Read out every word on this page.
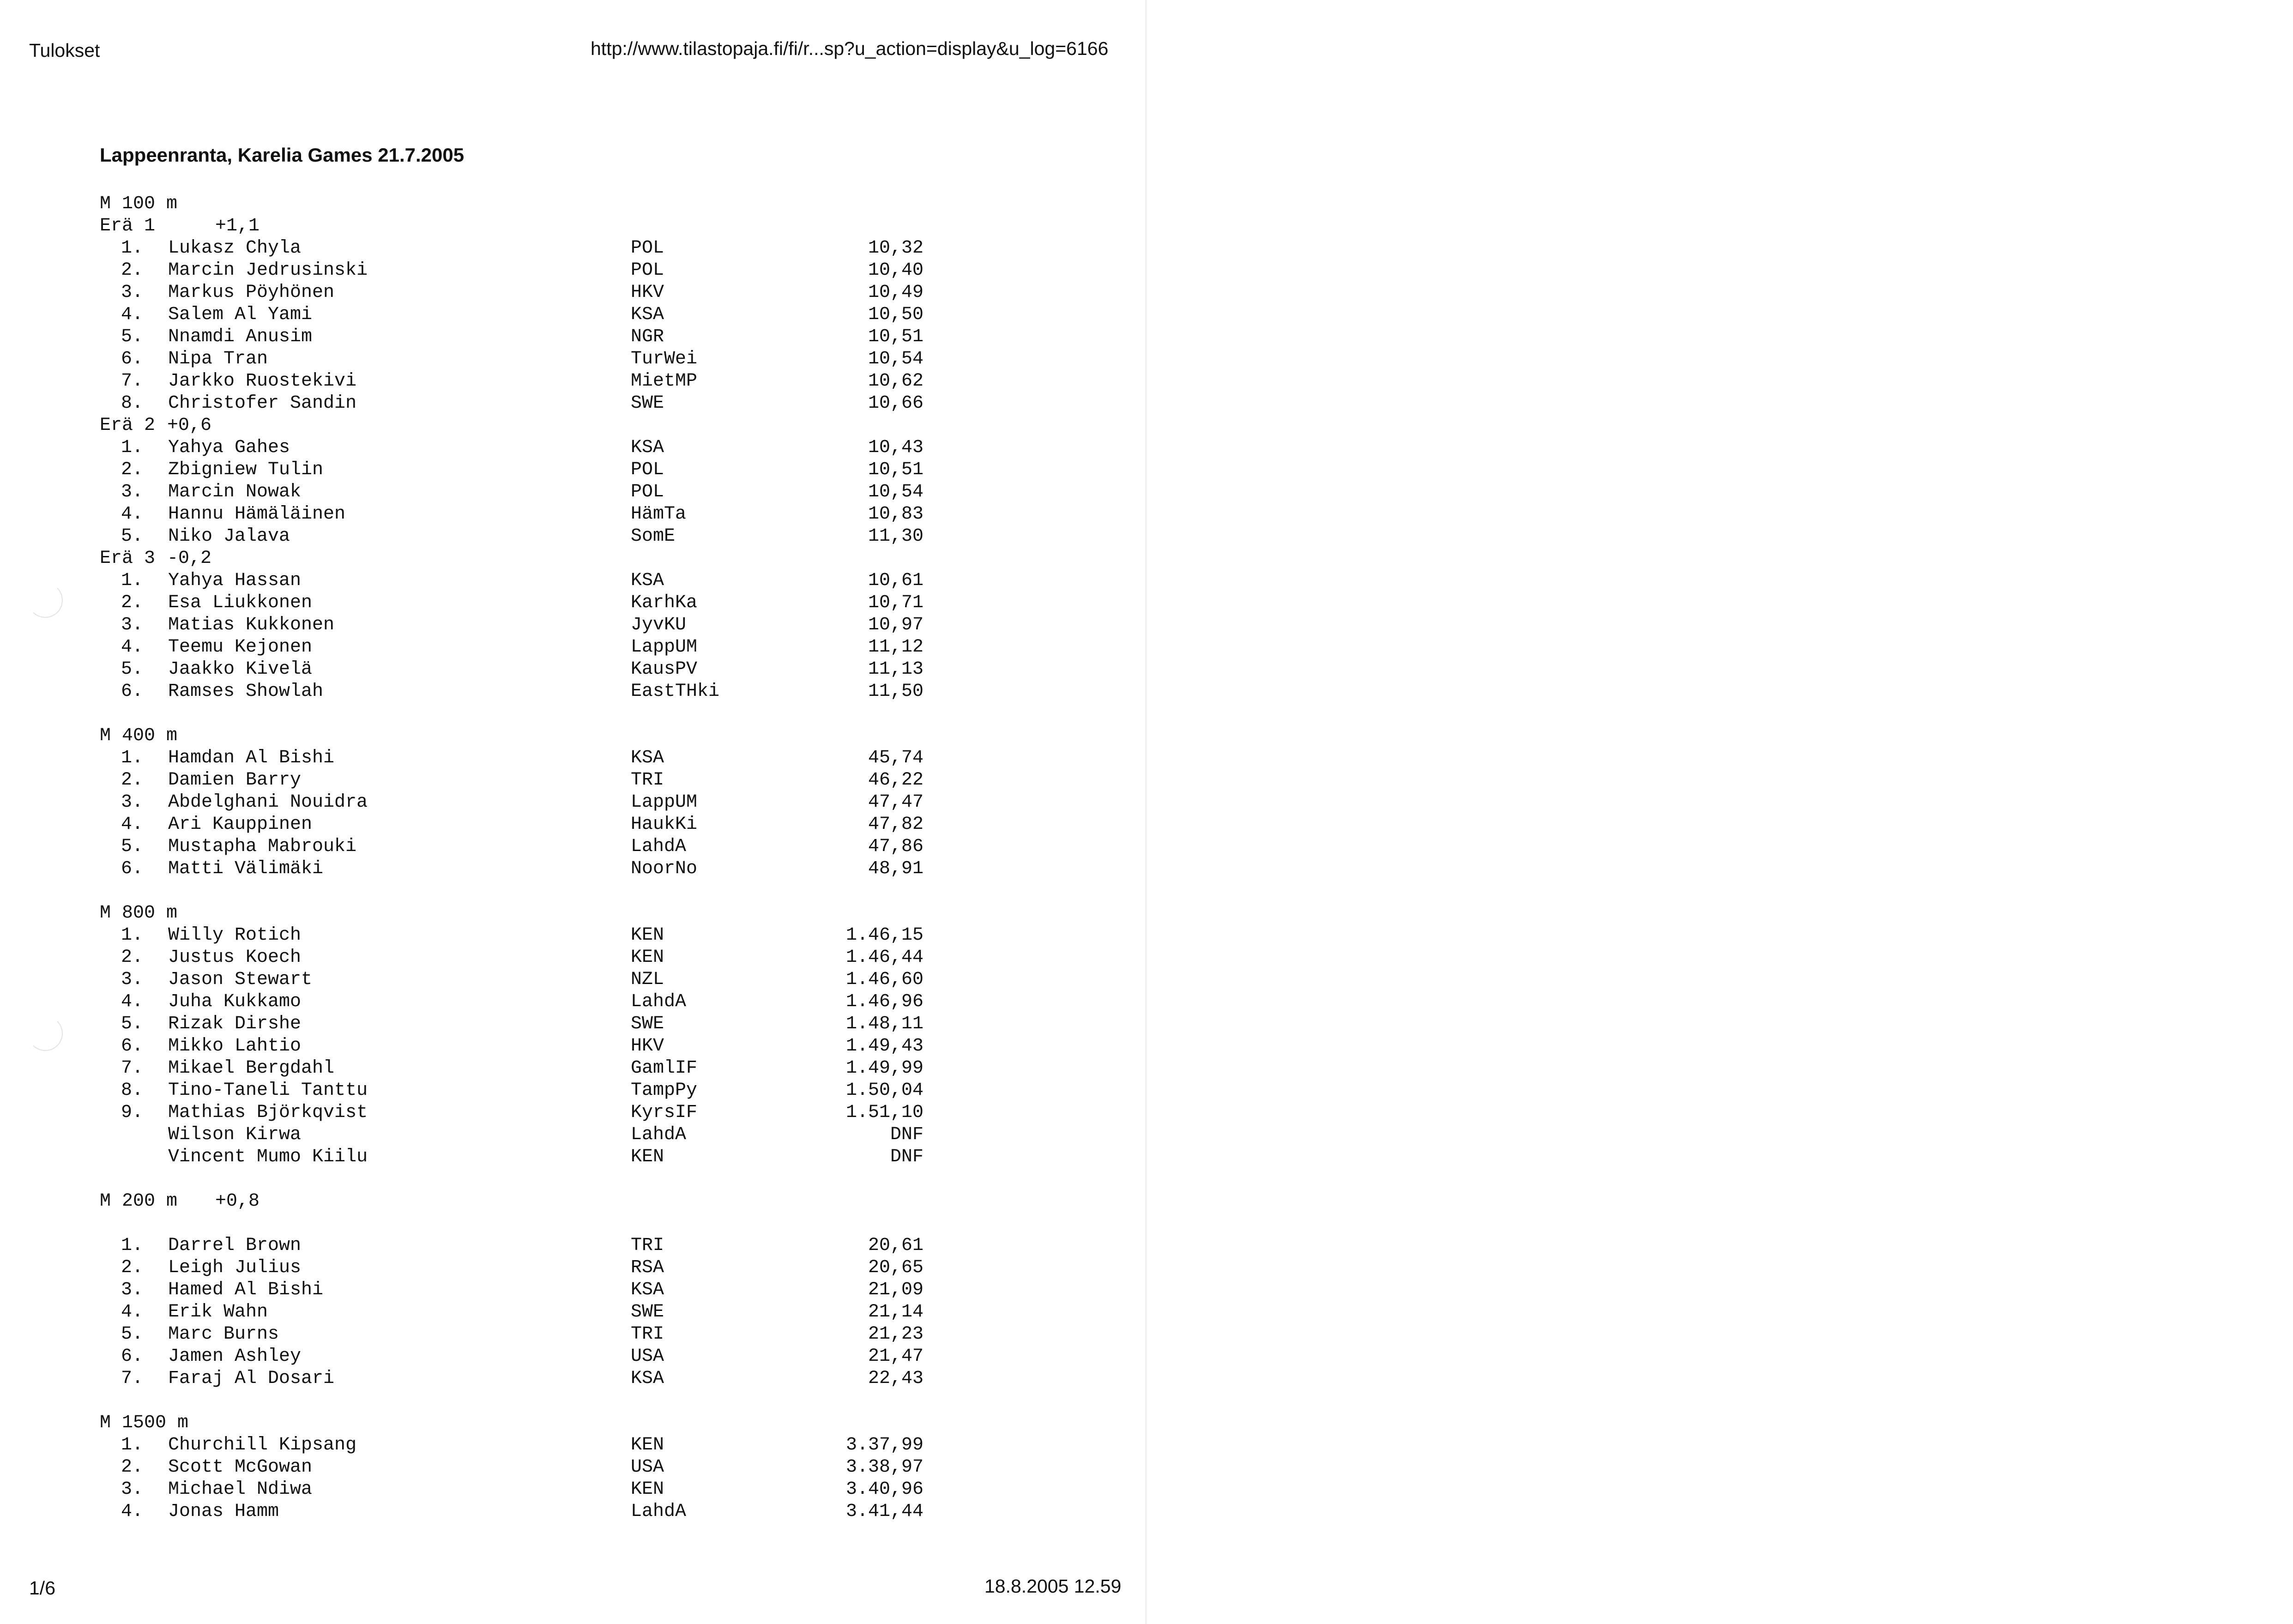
Tulokset	http://www.tilastopaja.fi/fi/r...sp?u_action=display&u_log=6166
Lappeenranta, Karelia Games 21.7.2005
M 100 m
Erä 1	+1,1
1. Lukasz Chyla	POL	10,32
2. Marcin Jedrusinski	POL	10,40
3. Markus Pöyhönen	HKV	10,49
4. Salem Al Yami	KSA	10,50
5. Nnamdi Anusim	NGR	10,51
6. Nipa Tran	TurWei	10,54
7. Jarkko Ruostekivi	MietMP	10,62
8. Christofer Sandin	SWE	10,66
Erä 2 +0,6
1. Yahya Gahes	KSA	10,43
2. Zbigniew Tulin	POL	10,51
3. Marcin Nowak	POL	10,54
4. Hannu Hämäläinen	HämTa	10,83
5. Niko Jalava	SomE	11,30
Erä 3 -0,2
1. Yahya Hassan	KSA	10,61
2. Esa Liukkonen	KarhKa	10,71
3. Matias Kukkonen	JyvKU	10,97
4. Teemu Kejonen	LappUM	11,12
5. Jaakko Kivelä	KausPV	11,13
6. Ramses Showlah	EastTHki	11,50
M 400 m
1. Hamdan Al Bishi	KSA	45,74
2. Damien Barry	TRI	46,22
3. Abdelghani Nouidra	LappUM	47,47
4. Ari Kauppinen	HaukKi	47,82
5. Mustapha Mabrouki	LahdA	47,86
6. Matti Välimäki	NoorNo	48,91
M 800 m
1. Willy Rotich	KEN	1.46,15
2. Justus Koech	KEN	1.46,44
3. Jason Stewart	NZL	1.46,60
4. Juha Kukkamo	LahdA	1.46,96
5. Rizak Dirshe	SWE	1.48,11
6. Mikko Lahtio	HKV	1.49,43
7. Mikael Bergdahl	GamlIF	1.49,99
8. Tino-Taneli Tanttu	TampPy	1.50,04
9. Mathias Björkqvist	KyrsIF	1.51,10
Wilson Kirwa	LahdA	DNF
Vincent Mumo Kiilu	KEN	DNF
M 200 m +0,8
1. Darrel Brown	TRI	20,61
2. Leigh Julius	RSA	20,65
3. Hamed Al Bishi	KSA	21,09
4. Erik Wahn	SWE	21,14
5. Marc Burns	TRI	21,23
6. Jamen Ashley	USA	21,47
7. Faraj Al Dosari	KSA	22,43
M 1500 m
1. Churchill Kipsang	KEN	3.37,99
2. Scott McGowan	USA	3.38,97
3. Michael Ndiwa	KEN	3.40,96
4. Jonas Hamm	LahdA	3.41,44
1/6	18.8.2005 12.59
